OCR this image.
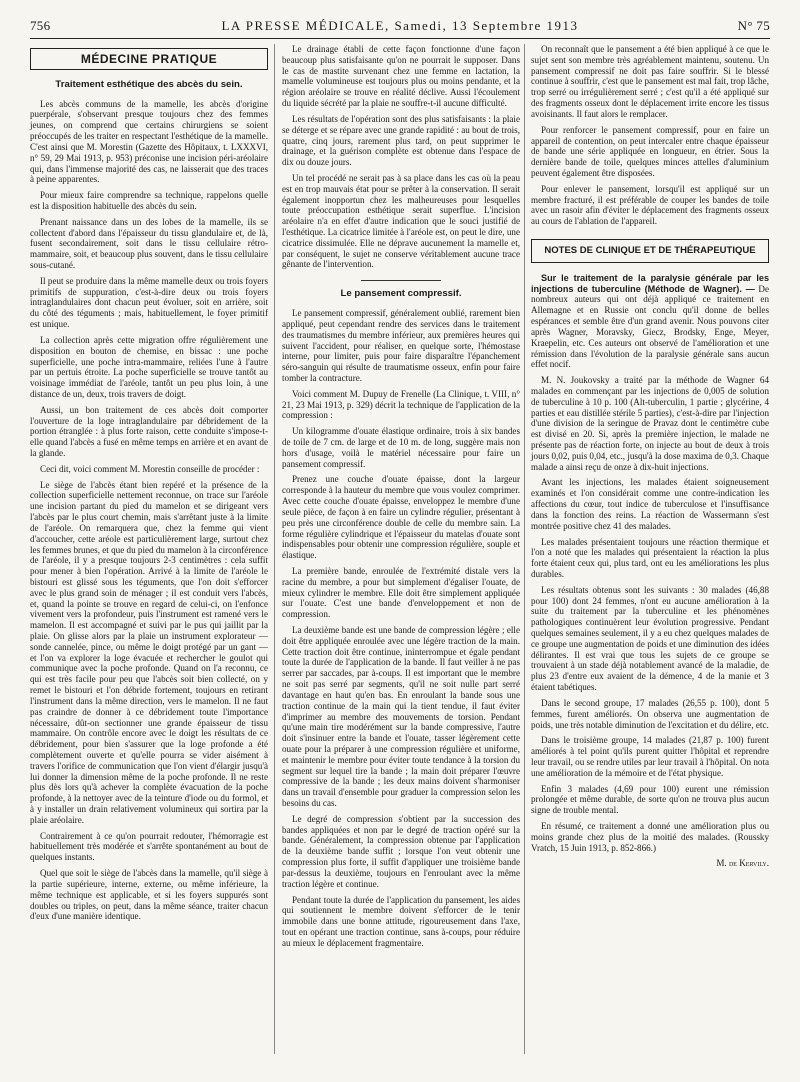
756	LA PRESSE MÉDICALE, Samedi, 13 Septembre 1913	N° 75
MÉDECINE PRATIQUE
Traitement esthétique des abcès du sein.

Les abcès communs de la mamelle, les abcès d'origine puerpérale, s'observant presque toujours chez des femmes jeunes, on comprend que certains chirurgiens se soient préoccupés de les traiter en respectant l'esthétique de la mamelle. C'est ainsi que M. Morestin (Gazette des Hôpitaux, t. LXXXVI, n° 59, 29 Mai 1913, p. 953) préconise une incision péri-aréolaire qui, dans l'immense majorité des cas, ne laisserait que des traces à peine apparentes.

Pour mieux faire comprendre sa technique, rappelons quelle est la disposition habituelle des abcès du sein.

Prenant naissance dans un des lobes de la mamelle, ils se collectent d'abord dans l'épaisseur du tissu glandulaire et, de là, fusent secondairement, soit dans le tissu cellulaire rétro-mammaire, soit, et beaucoup plus souvent, dans le tissu cellulaire sous-cutané.

Il peut se produire dans la même mamelle deux ou trois foyers primitifs de suppuration, c'est-à-dire deux ou trois foyers intraglandulaires dont chacun peut évoluer, soit en arrière, soit du côté des téguments ; mais, habituellement, le foyer primitif est unique.

La collection après cette migration offre régulièrement une disposition en bouton de chemise, en bissac : une poche superficielle, une poche intra-mammaire, reliées l'une à l'autre par un pertuis étroite. La poche superficielle se trouve tantôt au voisinage immédiat de l'aréole, tantôt un peu plus loin, à une distance de un, deux, trois travers de doigt.

Aussi, un bon traitement de ces abcès doit comporter l'ouverture de la loge intraglandulaire par débridement de la portion étranglée : à plus forte raison, cette conduite s'impose-t-elle quand l'abcès a fusé en même temps en arrière et en avant de la glande.

Ceci dit, voici comment M. Morestin conseille de procéder :

Le siège de l'abcès étant bien repéré et la présence de la collection superficielle nettement reconnue, on trace sur l'aréole une incision partant du pied du mamelon et se dirigeant vers l'abcès par le plus court chemin, mais s'arrêtant juste à la limite de l'aréole. On remarquera que, chez la femme qui vient d'accoucher, cette aréole est particulièrement large, surtout chez les femmes brunes, et que du pied du mamelon à la circonférence de l'aréole, il y a presque toujours 2-3 centimètres : cela suffit pour mener à bien l'opération. Arrivé à la limite de l'aréole le bistouri est glissé sous les téguments, que l'on doit s'efforcer avec le plus grand soin de ménager ; il est conduit vers l'abcès, et, quand la pointe se trouve en regard de celui-ci, on l'enfonce vivement vers la profondeur, puis l'instrument est ramené vers le mamelon. Il est accompagné et suivi par le pus qui jaillit par la plaie. On glisse alors par la plaie un instrument explorateur — sonde cannelée, pince, ou même le doigt protégé par un gant — et l'on va explorer la loge évacuée et rechercher le goulot qui communique avec la poche profonde. Quand on l'a reconnu, ce qui est très facile pour peu que l'abcès soit bien collecté, on y remet le bistouri et l'on débride fortement, toujours en retirant l'instrument dans la même direction, vers le mamelon. Il ne faut pas craindre de donner à ce débridement toute l'importance nécessaire, dût-on sectionner une grande épaisseur de tissu mammaire. On contrôle encore avec le doigt les résultats de ce débridement, pour bien s'assurer que la loge profonde a été complètement ouverte et qu'elle pourra se vider aisément à travers l'orifice de communication que l'on vient d'élargir jusqu'à lui donner la dimension même de la poche profonde. Il ne reste plus dès lors qu'à achever la complète évacuation de la poche profonde, à la nettoyer avec de la teinture d'iode ou du formol, et à y installer un drain relativement volumineux qui sortira par la plaie aréolaire.

Contrairement à ce qu'on pourrait redouter, l'hémorragie est habituellement très modérée et s'arrête spontanément au bout de quelques instants.

Quel que soit le siège de l'abcès dans la mamelle, qu'il siège à la partie supérieure, interne, externe, ou même inférieure, la même technique est applicable, et si les foyers suppurés sont doubles ou triples, on peut, dans la même séance, traiter chacun d'eux d'une manière identique.

Le drainage établi de cette façon fonctionne d'une façon beaucoup plus satisfaisante qu'on ne pourrait le supposer. Dans le cas de mastite survenant chez une femme en lactation, la mamelle volumineuse est toujours plus ou moins pendante, et la région aréolaire se trouve en réalité déclive. Aussi l'écoulement du liquide sécrété par la plaie ne souffre-t-il aucune difficulté.

Les résultats de l'opération sont des plus satisfaisants : la plaie se déterge et se répare avec une grande rapidité : au bout de trois, quatre, cinq jours, rarement plus tard, on peut supprimer le drainage, et la guérison complète est obtenue dans l'espace de dix ou douze jours.

Un tel procédé ne serait pas à sa place dans les cas où la peau est en trop mauvais état pour se prêter à la conservation. Il serait également inopportun chez les malheureuses pour lesquelles toute préoccupation esthétique serait superflue. L'incision aréolaire n'a en effet d'autre indication que le souci justifié de l'esthétique. La cicatrice limitée à l'aréole est, on peut le dire, une cicatrice dissimulée. Elle ne déprave aucunement la mamelle et, par conséquent, le sujet ne conserve véritablement aucune trace gênante de l'intervention.

Le pansement compressif.

Le pansement compressif, généralement oublié, rarement bien appliqué, peut cependant rendre des services dans le traitement des traumatismes du membre inférieur, aux premières heures qui suivent l'accident, pour réaliser, en quelque sorte, l'hémostase interne, pour limiter, puis pour faire disparaître l'épanchement séro-sanguin qui résulte de traumatisme osseux, enfin pour faire tomber la contracture.

Voici comment M. Dupuy de Frenelle (La Clinique, t. VIII, n° 21, 23 Mai 1913, p. 329) décrit la technique de l'application de la compression :

Un kilogramme d'ouate élastique ordinaire, trois à six bandes de toile de 7 cm. de large et de 10 m. de long, suggère mais non hors d'usage, voilà le matériel nécessaire pour faire un pansement compressif.

Prenez une couche d'ouate épaisse, dont la largeur corresponde à la hauteur du membre que vous voulez comprimer. Avec cette couche d'ouate épaisse, enveloppez le membre d'une seule pièce, de façon à en faire un cylindre régulier, présentant à peu près une circonférence double de celle du membre sain. La forme régulière cylindrique et l'épaisseur du matelas d'ouate sont indispensables pour obtenir une compression régulière, souple et élastique.

La première bande, enroulée de l'extrémité distale vers la racine du membre, a pour but simplement d'égaliser l'ouate, de mieux cylindrer le membre. Elle doit être simplement appliquée sur l'ouate. C'est une bande d'enveloppement et non de compression.

La deuxième bande est une bande de compression légère ; elle doit être appliquée enroulée avec une légère traction de la main. Cette traction doit être continue, ininterrompue et égale pendant toute la durée de l'application de la bande. Il faut veiller à ne pas serrer par saccades, par à-coups. Il est important que le membre ne soit pas serré par segments, qu'il ne soit nulle part serré davantage en haut qu'en bas. En enroulant la bande sous une traction continue de la main qui la tient tendue, il faut éviter d'imprimer au membre des mouvements de torsion. Pendant qu'une main tire modérément sur la bande compressive, l'autre doit s'insinuer entre la bande et l'ouate, tasser légèrement cette ouate pour la préparer à une compression régulière et uniforme, et maintenir le membre pour éviter toute tendance à la torsion du segment sur lequel tire la bande ; la main doit préparer l'œuvre compressive de la bande ; les deux mains doivent s'harmoniser dans un travail d'ensemble pour graduer la compression selon les besoins du cas.

Le degré de compression s'obtient par la succession des bandes appliquées et non par le degré de traction opéré sur la bande. Généralement, la compression obtenue par l'application de la deuxième bande suffit ; lorsque l'on veut obtenir une compression plus forte, il suffit d'appliquer une troisième bande par-dessus la deuxième, toujours en l'enroulant avec la même traction légère et continue.

Pendant toute la durée de l'application du pansement, les aides qui soutiennent le membre doivent s'efforcer de le tenir immobile dans une bonne attitude, rigoureusement dans l'axe, tout en opérant une traction continue, sans à-coups, pour réduire au mieux le déplacement fragmentaire.

On reconnaît que le pansement a été bien appliqué à ce que le sujet sent son membre très agréablement maintenu, soutenu. Un pansement compressif ne doit pas faire souffrir. Si le blessé continue à souffrir, c'est que le pansement est mal fait, trop lâche, trop serré ou irrégulièrement serré ; c'est qu'il a été appliqué sur des fragments osseux dont le déplacement irrite encore les tissus avoisinants. Il faut alors le remplacer.

Pour renforcer le pansement compressif, pour en faire un appareil de contention, on peut intercaler entre chaque épaisseur de bande une série appliquée en longueur, en étrier. Sous la dernière bande de toile, quelques minces attelles d'aluminium peuvent également être disposées.

Pour enlever le pansement, lorsqu'il est appliqué sur un membre fracturé, il est préférable de couper les bandes de toile avec un rasoir afin d'éviter le déplacement des fragments osseux au cours de l'ablation de l'appareil.

NOTES DE CLINIQUE ET DE THÉRAPEUTIQUE

Sur le traitement de la paralysie générale par les injections de tuberculine (Méthode de Wagner). — De nombreux auteurs qui ont déjà appliqué ce traitement en Allemagne et en Russie ont conclu qu'il donne de belles espérances et semble être d'un grand avenir. Nous pouvons citer après Wagner, Moravsky, Giecz, Brodsky, Enge, Meyer, Kraepelin, etc. Ces auteurs ont observé de l'amélioration et une rémission dans l'évolution de la paralysie générale sans aucun effet nocif.

M. N. Joukovsky a traité par la méthode de Wagner 64 malades en commençant par les injections de 0,005 de solution de tuberculine à 10 p. 100 (Alt-tuberculin, 1 partie ; glycérine, 4 parties et eau distillée stérile 5 parties), c'est-à-dire par l'injection d'une division de la seringue de Pravaz dont le centimètre cube est divisé en 20. Si, après la première injection, le malade ne présente pas de réaction forte, on injecte au bout de deux à trois jours 0,02, puis 0,04, etc., jusqu'à la dose maxima de 0,3. Chaque malade a ainsi reçu de onze à dix-huit injections.

Avant les injections, les malades étaient soigneusement examinés et l'on considérait comme une contre-indication les affections du cœur, tout indice de tuberculose et l'insuffisance dans la fonction des reins. La réaction de Wassermann s'est montrée positive chez 41 des malades.

Les malades présentaient toujours une réaction thermique et l'on a noté que les malades qui présentaient la réaction la plus forte étaient ceux qui, plus tard, ont eu les améliorations les plus durables.

Les résultats obtenus sont les suivants : 30 malades (46,88 pour 100) dont 24 femmes, n'ont eu aucune amélioration à la suite du traitement par la tuberculine et les phénomènes pathologiques continuèrent leur évolution progressive. Pendant quelques semaines seulement, il y a eu chez quelques malades de ce groupe une augmentation de poids et une diminution des idées délirantes. Il est vrai que tous les sujets de ce groupe se trouvaient à un stade déjà notablement avancé de la maladie, de plus 23 d'entre eux avaient de la démence, 4 de la manie et 3 étaient tabétiques.

Dans le second groupe, 17 malades (26,55 p. 100), dont 5 femmes, furent améliorés. On observa une augmentation de poids, une très notable diminution de l'excitation et du délire, etc.

Dans le troisième groupe, 14 malades (21,87 p. 100) furent améliorés à tel point qu'ils purent quitter l'hôpital et reprendre leur travail, ou se rendre utiles par leur travail à l'hôpital. On nota une amélioration de la mémoire et de l'état physique.

Enfin 3 malades (4,69 pour 100) eurent une rémission prolongée et même durable, de sorte qu'on ne trouva plus aucun signe de trouble mental.

En résumé, ce traitement a donné une amélioration plus ou moins grande chez plus de la moitié des malades. (Roussky Vratch, 15 Juin 1913, p. 852-866.)

M. de Kervily.
